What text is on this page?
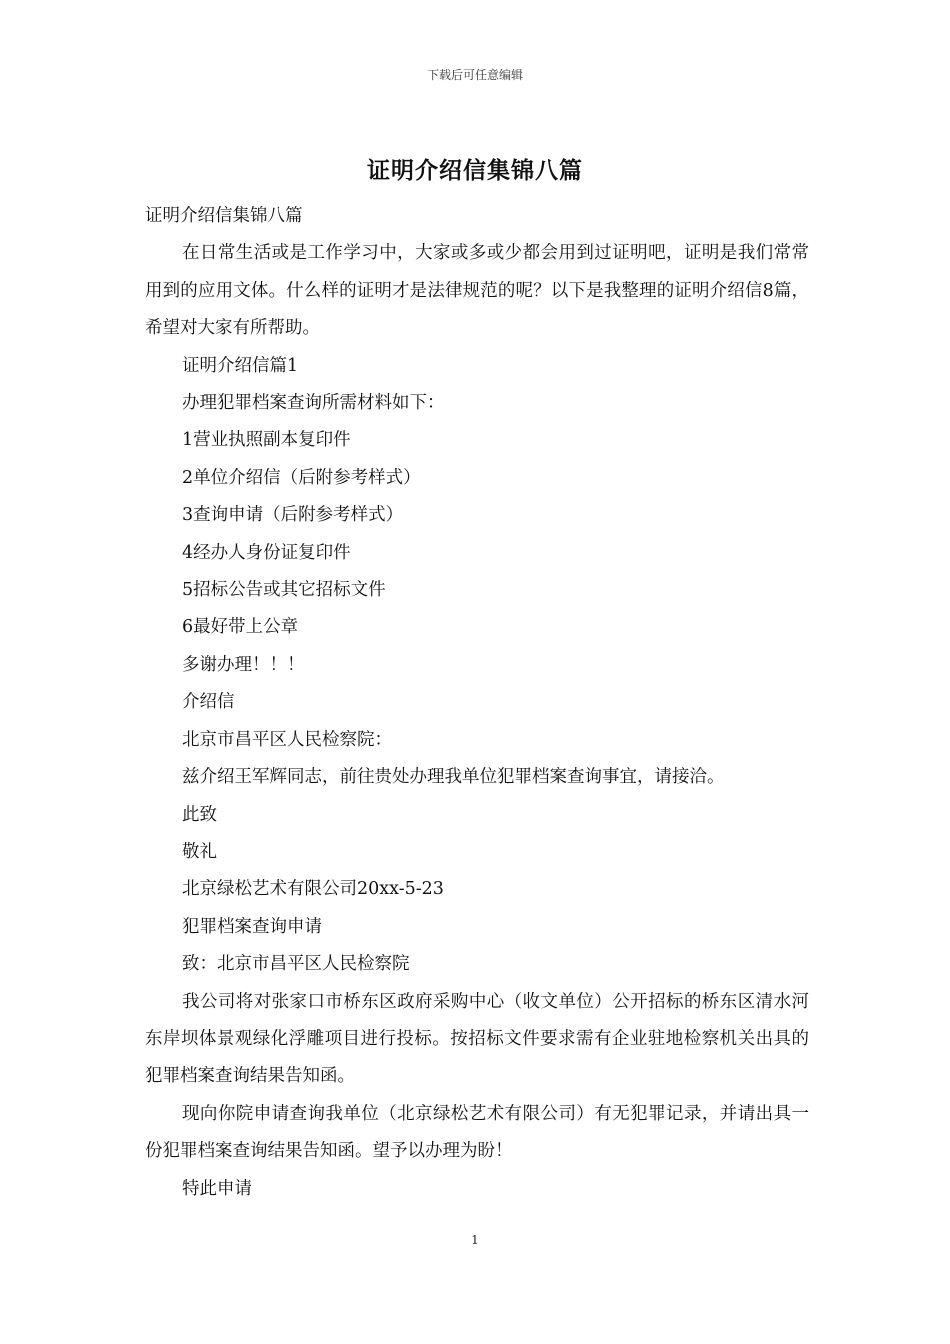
下载后可任意编辑
证明介绍信集锦八篇

证明介绍信集锦八篇

在日常生活或是工作学习中，大家或多或少都会用到过证明吧，证明是我们常常用到的应用文体。什么样的证明才是法律规范的呢？以下是我整理的证明介绍信8篇，希望对大家有所帮助。

证明介绍信篇1

办理犯罪档案查询所需材料如下：

1营业执照副本复印件

2单位介绍信（后附参考样式）

3查询申请（后附参考样式）

4经办人身份证复印件

5招标公告或其它招标文件

6最好带上公章

多谢办理！！！

介绍信

北京市昌平区人民检察院：

兹介绍王军辉同志，前往贵处办理我单位犯罪档案查询事宜，请接洽。

此致

敬礼

北京绿松艺术有限公司20xx-5-23

犯罪档案查询申请

致：北京市昌平区人民检察院

我公司将对张家口市桥东区政府采购中心（收文单位）公开招标的桥东区清水河东岸坝体景观绿化浮雕项目进行投标。按招标文件要求需有企业驻地检察机关出具的犯罪档案查询结果告知函。

现向你院申请查询我单位（北京绿松艺术有限公司）有无犯罪记录，并请出具一份犯罪档案查询结果告知函。望予以办理为盼！

特此申请

1
